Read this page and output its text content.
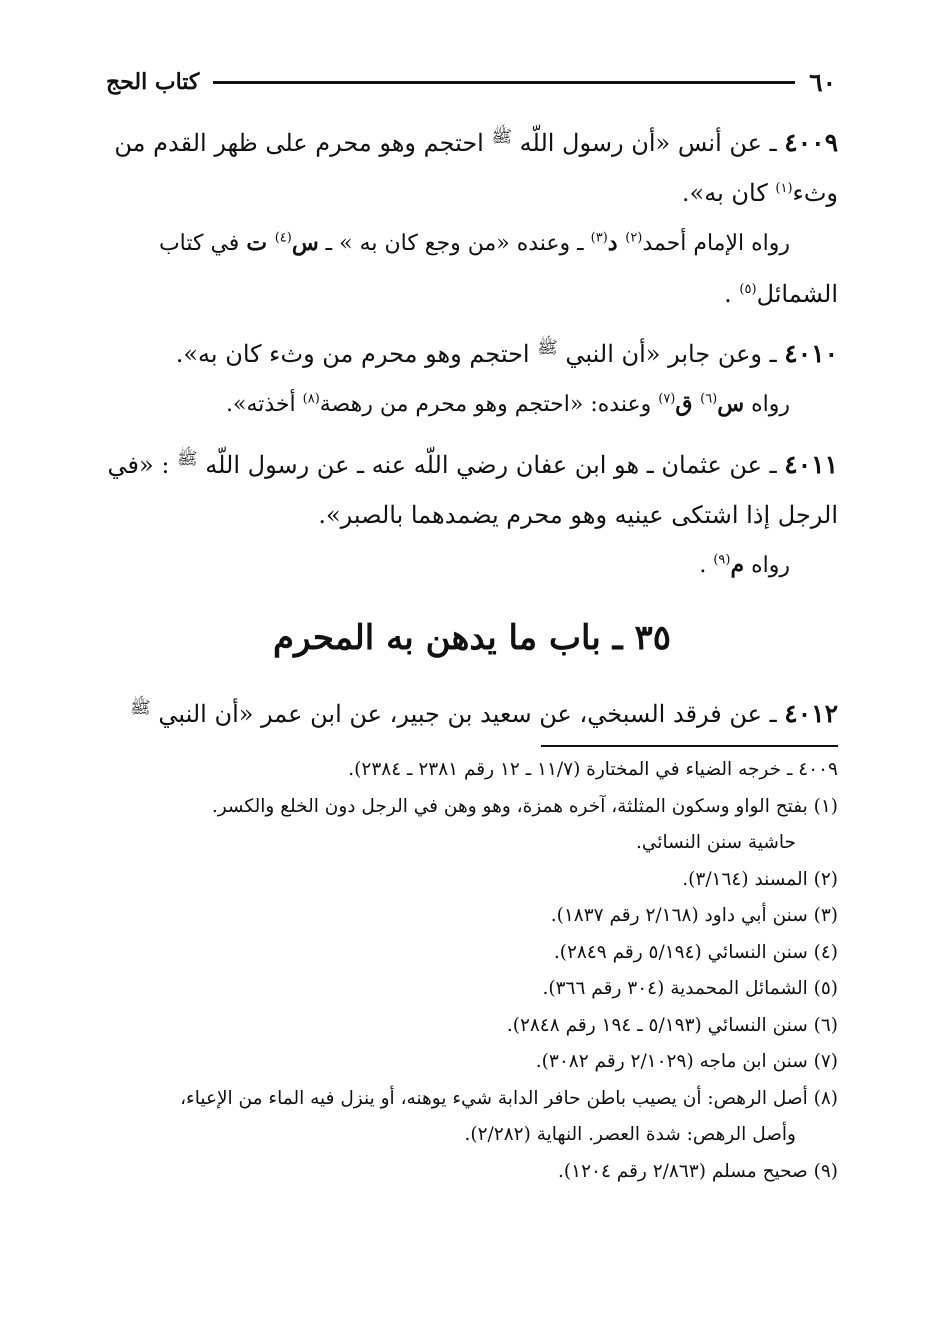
٦٠
كتاب الحج

٤٠٠٩ ـ عن أنس «أن رسول اللّه $^ﷺ$ احتجم وهو محرم على ظهر القدم من
وثء$^{(١)}$ كان به».

رواه الإمام أحمد$^{(٢)}$ د$^{(٣)}$ ـ وعنده «من وجع كان به » ـ س$^{(٤)}$ ت في كتاب

الشمائل$^{(٥)}$ .

٤٠١٠ ـ وعن جابر «أن النبي $^ﷺ$ احتجم وهو محرم من وثء كان به».

رواه س$^{(٦)}$ ق$^{(٧)}$ وعنده: «احتجم وهو محرم من رهصة$^{(٨)}$ أخذته».

٤٠١١ ـ عن عثمان ـ هو ابن عفان رضي اللّه عنه ـ عن رسول اللّه $^ﷺ$ : «في
الرجل إذا اشتكى عينيه وهو محرم يضمدهما بالصبر».

رواه م$^{(٩)}$ .

٣٥ ـ باب ما يدهن به المحرم

٤٠١٢ ـ عن فرقد السبخي، عن سعيد بن جبير، عن ابن عمر «أن النبي $^ﷺ$

٤٠٠٩ ـ خرجه الضياء في المختارة (١١/٧ ـ ١٢ رقم ٢٣٨١ ـ ٢٣٨٤).

(١) بفتح الواو وسكون المثلثة، آخره همزة، وهو وهن في الرجل دون الخلع والكسر.

حاشية سنن النسائي.

(٢) المسند (٣/١٦٤).

(٣) سنن أبي داود (٢/١٦٨ رقم ١٨٣٧).

(٤) سنن النسائي (٥/١٩٤ رقم ٢٨٤٩).

(٥) الشمائل المحمدية (٣٠٤ رقم ٣٦٦).

(٦) سنن النسائي (٥/١٩٣ ـ ١٩٤ رقم ٢٨٤٨).

(٧) سنن ابن ماجه (٢/١٠٢٩ رقم ٣٠٨٢).

(٨) أصل الرهص: أن يصيب باطن حافر الدابة شيء يوهنه، أو ينزل فيه الماء من الإعياء،

وأصل الرهص: شدة العصر. النهاية (٢/٢٨٢).

(٩) صحيح مسلم (٢/٨٦٣ رقم ١٢٠٤).
